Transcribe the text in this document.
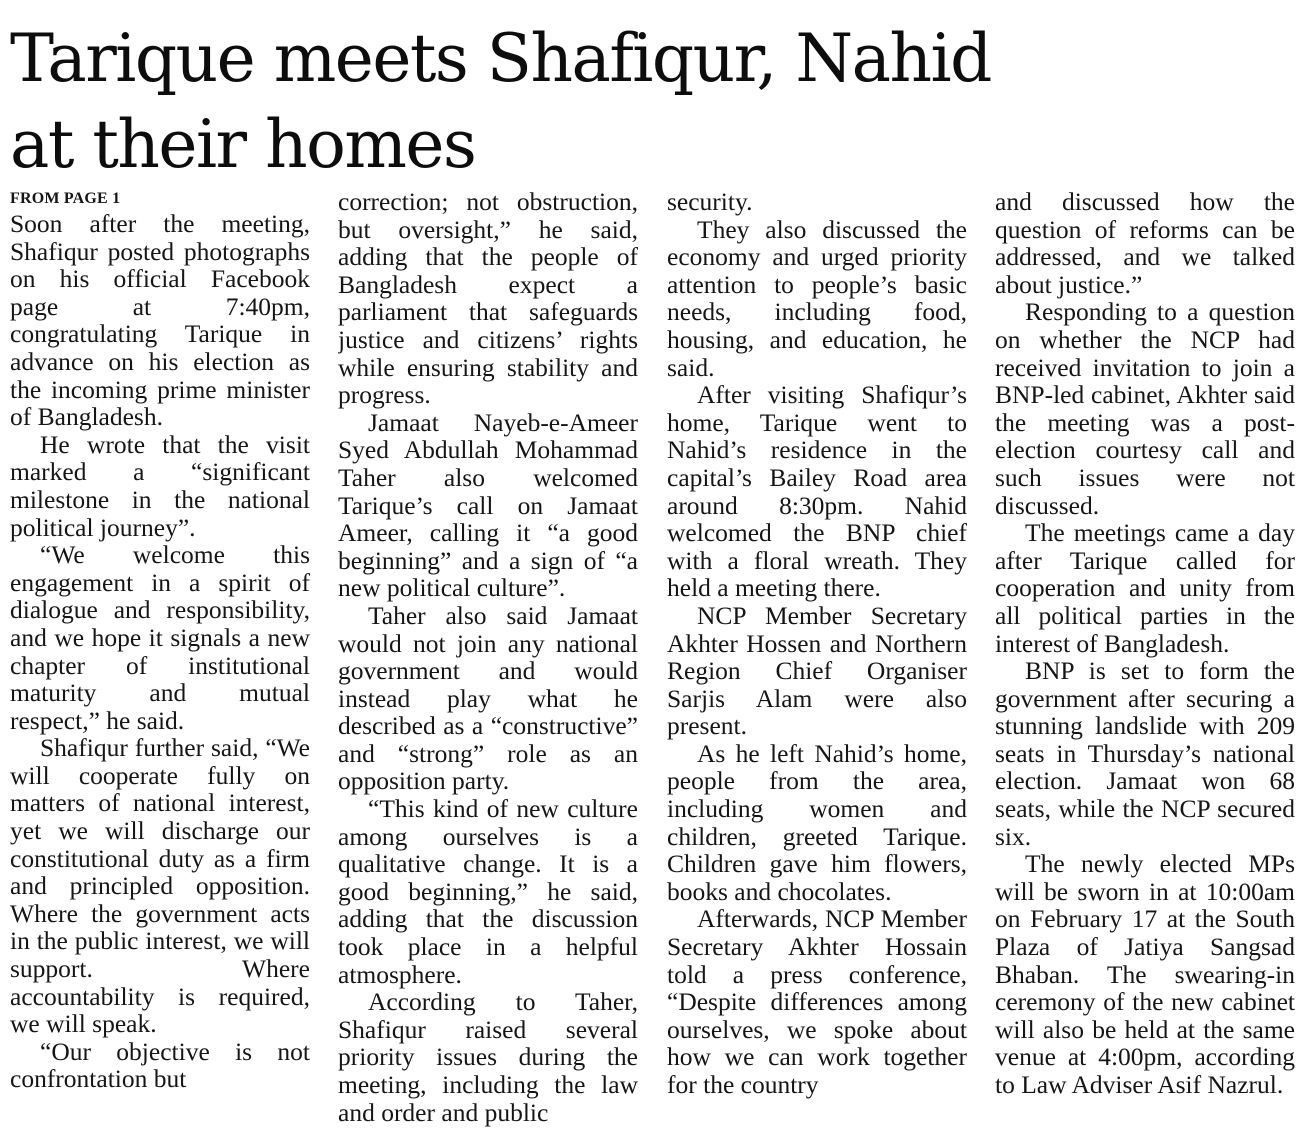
Tarique meets Shafiqur, Nahid
at their homes
FROM PAGE 1

Soon after the meeting, Shafiqur posted photographs on his official Facebook page at 7:40pm, congratulating Tarique in advance on his election as the incoming prime minister of Bangladesh.

He wrote that the visit marked a “significant milestone in the national political journey”.

“We welcome this engagement in a spirit of dialogue and responsibility, and we hope it signals a new chapter of institutional maturity and mutual respect,” he said.

Shafiqur further said, “We will cooperate fully on matters of national interest, yet we will discharge our constitutional duty as a firm and principled opposition. Where the government acts in the public interest, we will support. Where accountability is required, we will speak.

“Our objective is not confrontation but

correction; not obstruction, but oversight,” he said, adding that the people of Bangladesh expect a parliament that safeguards justice and citizens’ rights while ensuring stability and progress.

Jamaat Nayeb-e-Ameer Syed Abdullah Mohammad Taher also welcomed Tarique’s call on Jamaat Ameer, calling it “a good beginning” and a sign of “a new political culture”.

Taher also said Jamaat would not join any national government and would instead play what he described as a “constructive” and “strong” role as an opposition party.

“This kind of new culture among ourselves is a qualitative change. It is a good beginning,” he said, adding that the discussion took place in a helpful atmosphere.

According to Taher, Shafiqur raised several priority issues during the meeting, including the law and order and public

security.

They also discussed the economy and urged priority attention to people’s basic needs, including food, housing, and education, he said.

After visiting Shafiqur’s home, Tarique went to Nahid’s residence in the capital’s Bailey Road area around 8:30pm. Nahid welcomed the BNP chief with a floral wreath. They held a meeting there.

NCP Member Secretary Akhter Hossen and Northern Region Chief Organiser Sarjis Alam were also present.

As he left Nahid’s home, people from the area, including women and children, greeted Tarique. Children gave him flowers, books and chocolates.

Afterwards, NCP Member Secretary Akhter Hossain told a press conference, “Despite differences among ourselves, we spoke about how we can work together for the country

and discussed how the question of reforms can be addressed, and we talked about justice.”

Responding to a question on whether the NCP had received invitation to join a BNP-led cabinet, Akhter said the meeting was a post-election courtesy call and such issues were not discussed.

The meetings came a day after Tarique called for cooperation and unity from all political parties in the interest of Bangladesh.

BNP is set to form the government after securing a stunning landslide with 209 seats in Thursday’s national election. Jamaat won 68 seats, while the NCP secured six.

The newly elected MPs will be sworn in at 10:00am on February 17 at the South Plaza of Jatiya Sangsad Bhaban. The swearing-in ceremony of the new cabinet will also be held at the same venue at 4:00pm, according to Law Adviser Asif Nazrul.
